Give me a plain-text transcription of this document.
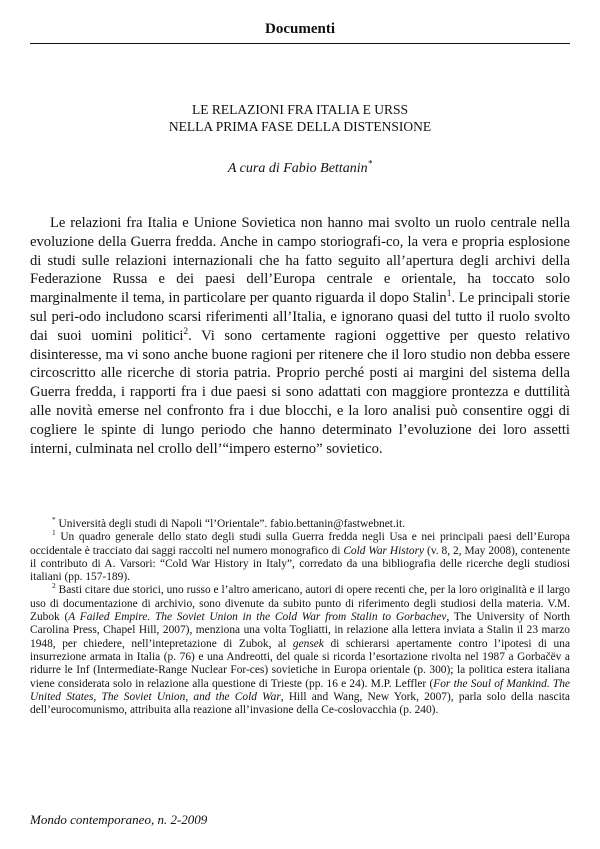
Documenti
LE RELAZIONI FRA ITALIA E URSS
NELLA PRIMA FASE DELLA DISTENSIONE
A cura di Fabio Bettanin*
Le relazioni fra Italia e Unione Sovietica non hanno mai svolto un ruolo centrale nella evoluzione della Guerra fredda. Anche in campo storiografi-co, la vera e propria esplosione di studi sulle relazioni internazionali che ha fatto seguito all’apertura degli archivi della Federazione Russa e dei paesi dell’Europa centrale e orientale, ha toccato solo marginalmente il tema, in particolare per quanto riguarda il dopo Stalin$^1$. Le principali storie sul peri-odo includono scarsi riferimenti all’Italia, e ignorano quasi del tutto il ruolo svolto dai suoi uomini politici$^2$. Vi sono certamente ragioni oggettive per questo relativo disinteresse, ma vi sono anche buone ragioni per ritenere che il loro studio non debba essere circoscritto alle ricerche di storia patria. Proprio perché posti ai margini del sistema della Guerra fredda, i rapporti fra i due paesi si sono adattati con maggiore prontezza e duttilità alle novità emerse nel confronto fra i due blocchi, e la loro analisi può consentire oggi di cogliere le spinte di lungo periodo che hanno determinato l’evoluzione dei loro assetti interni, culminata nel crollo dell’“impero esterno” sovietico.

* Università degli studi di Napoli “l’Orientale”. fabio.bettanin@fastwebnet.it.

$^1$ Un quadro generale dello stato degli studi sulla Guerra fredda negli Usa e nei principali paesi dell’Europa occidentale è tracciato dai saggi raccolti nel numero monografico di Cold War History (v. 8, 2, May 2008), contenente il contributo di A. Varsori: “Cold War History in Italy”, corredato da una bibliografia delle ricerche degli studiosi italiani (pp. 157-189).

$^2$ Basti citare due storici, uno russo e l’altro americano, autori di opere recenti che, per la loro originalità e il largo uso di documentazione di archivio, sono divenute da subito punto di riferimento degli studiosi della materia. V.M. Zubok (A Failed Empire. The Soviet Union in the Cold War from Stalin to Gorbachev, The University of North Carolina Press, Chapel Hill, 2007), menziona una volta Togliatti, in relazione alla lettera inviata a Stalin il 23 marzo 1948, per chiedere, nell’intepretazione di Zubok, al gensek di schierarsi apertamente contro l’ipotesi di una insurrezione armata in Italia (p. 76) e una Andreotti, del quale si ricorda l’esortazione rivolta nel 1987 a Gorbačëv a ridurre le Inf (Intermediate-Range Nuclear For-ces) sovietiche in Europa orientale (p. 300); la politica estera italiana viene considerata solo in relazione alla questione di Trieste (pp. 16 e 24). M.P. Leffler (For the Soul of Mankind. The United States, The Soviet Union, and the Cold War, Hill and Wang, New York, 2007), parla solo della nascita dell’eurocomunismo, attribuita alla reazione all’invasione della Ce-coslovacchia (p. 240).

Mondo contemporaneo, n. 2-2009
